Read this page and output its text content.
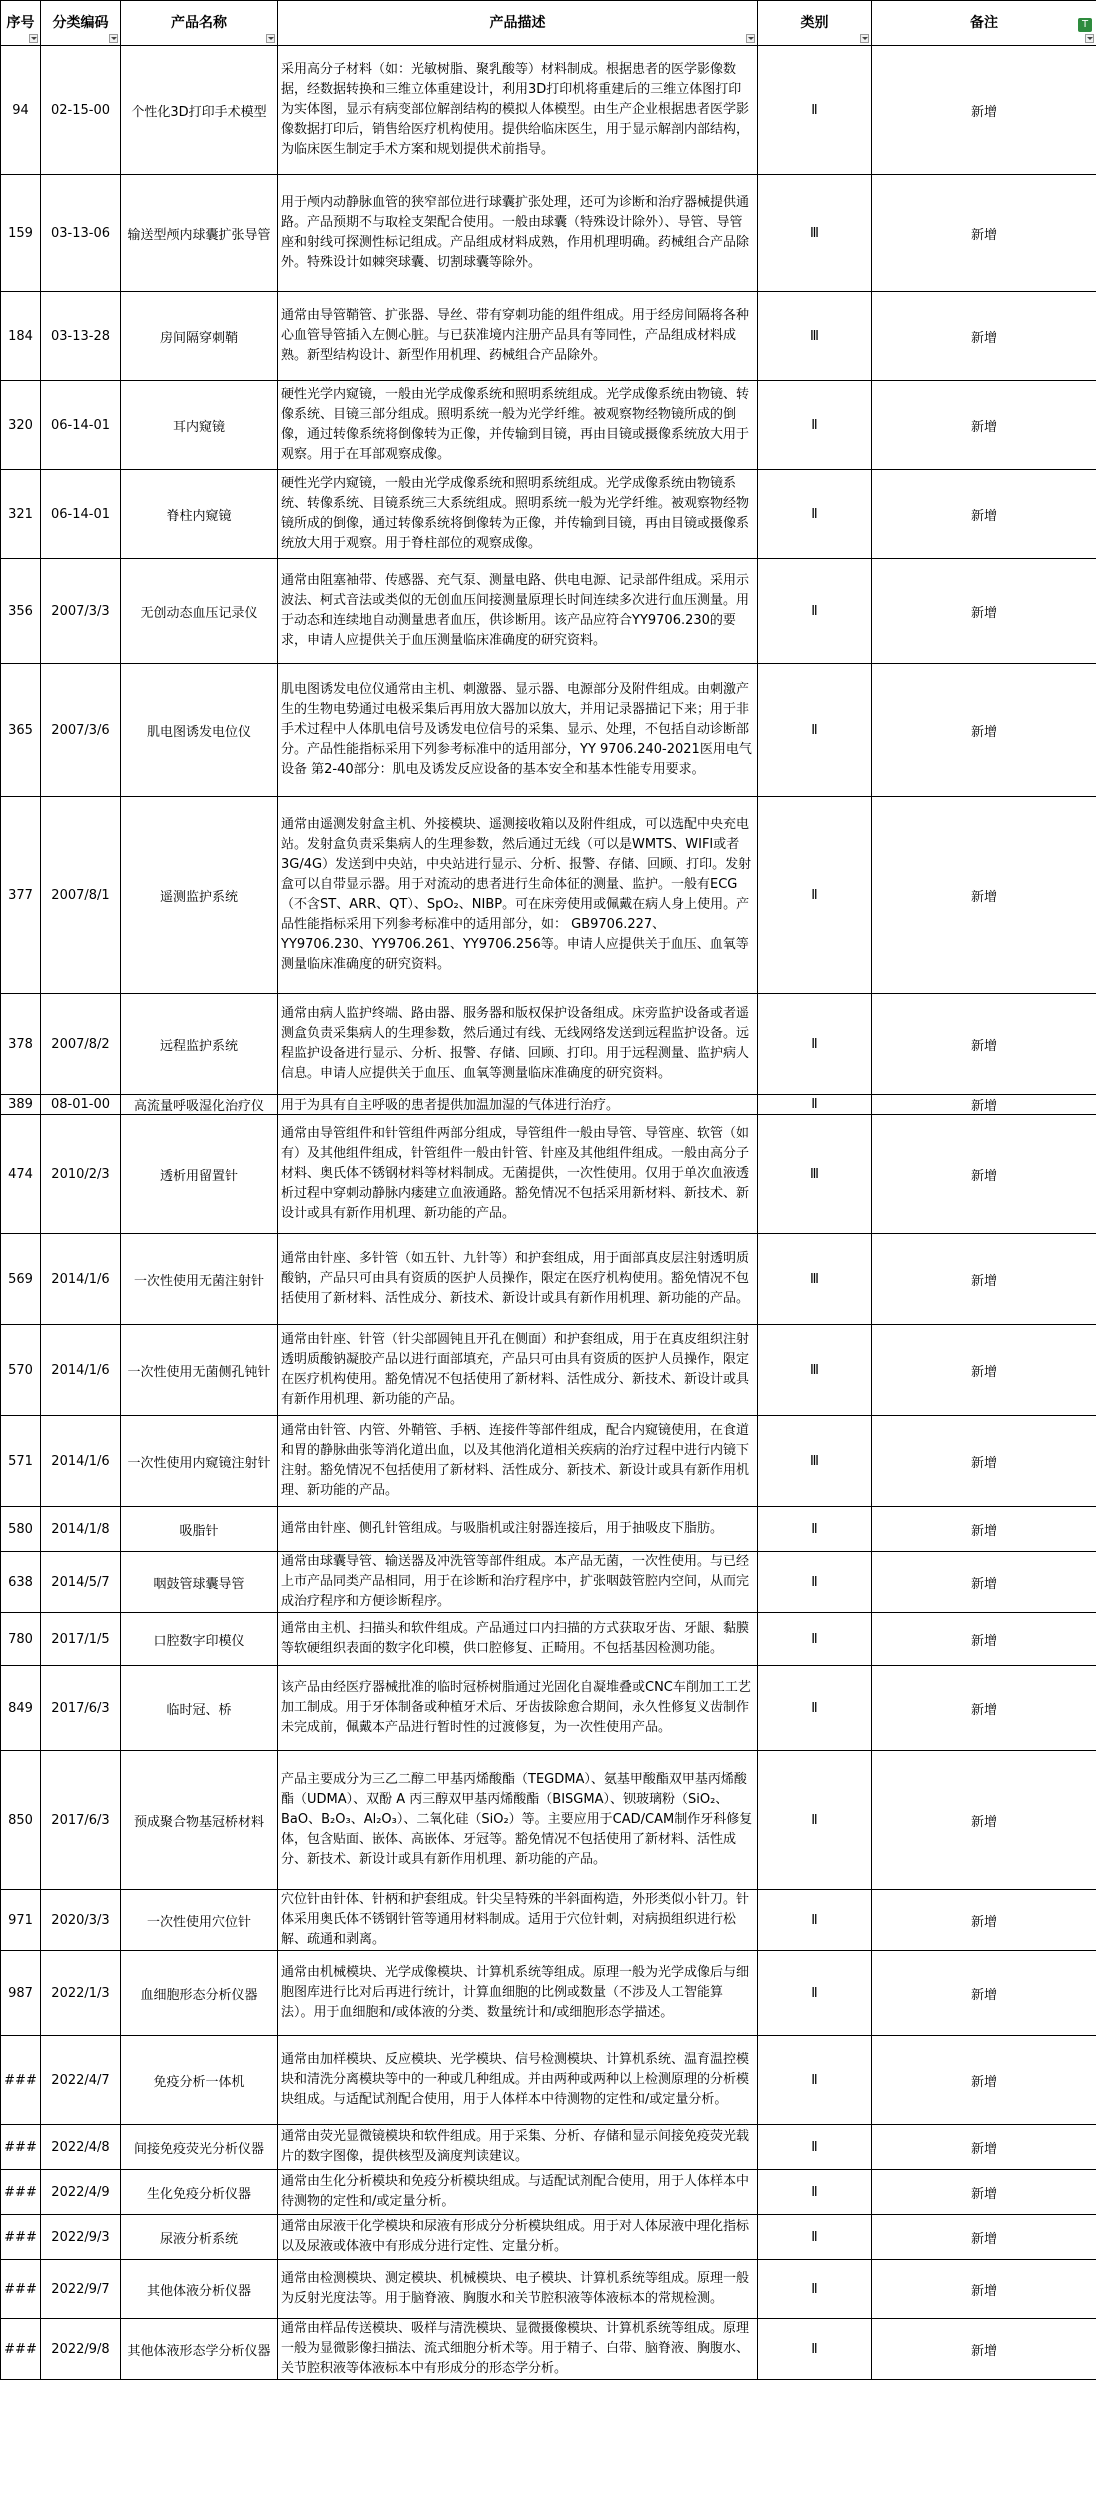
序号	分类编码	产品名称	产品描述	类别	备注

94	02-15-00	个性化3D打印手术模型	采用高分子材料（如：光敏树脂、聚乳酸等）材料制成。根据患者的医学影像数据，经数据转换和三维立体重建设计，利用3D打印机将重建后的三维立体图打印为实体图，显示有病变部位解剖结构的模拟人体模型。由生产企业根据患者医学影像数据打印后，销售给医疗机构使用。提供给临床医生，用于显示解剖内部结构，为临床医生制定手术方案和规划提供术前指导。	Ⅱ	新增
159	03-13-06	输送型颅内球囊扩张导管	用于颅内动静脉血管的狭窄部位进行球囊扩张处理，还可为诊断和治疗器械提供通路。产品预期不与取栓支架配合使用。一般由球囊（特殊设计除外）、导管、导管座和射线可探测性标记组成。产品组成材料成熟，作用机理明确。药械组合产品除外。特殊设计如棘突球囊、切割球囊等除外。	Ⅲ	新增
184	03-13-28	房间隔穿刺鞘	通常由导管鞘管、扩张器、导丝、带有穿刺功能的组件组成。用于经房间隔将各种心血管导管插入左侧心脏。与已获准境内注册产品具有等同性，产品组成材料成熟。新型结构设计、新型作用机理、药械组合产品除外。	Ⅲ	新增
320	06-14-01	耳内窥镜	硬性光学内窥镜，一般由光学成像系统和照明系统组成。光学成像系统由物镜、转像系统、目镜三部分组成。照明系统一般为光学纤维。被观察物经物镜所成的倒像，通过转像系统将倒像转为正像，并传输到目镜，再由目镜或摄像系统放大用于观察。用于在耳部观察成像。	Ⅱ	新增
321	06-14-01	脊柱内窥镜	硬性光学内窥镜，一般由光学成像系统和照明系统组成。光学成像系统由物镜系统、转像系统、目镜系统三大系统组成。照明系统一般为光学纤维。被观察物经物镜所成的倒像，通过转像系统将倒像转为正像，并传输到目镜，再由目镜或摄像系统放大用于观察。用于脊柱部位的观察成像。	Ⅱ	新增
356	2007/3/3	无创动态血压记录仪	通常由阻塞袖带、传感器、充气泵、测量电路、供电电源、记录部件组成。采用示波法、柯式音法或类似的无创血压间接测量原理长时间连续多次进行血压测量。用于动态和连续地自动测量患者血压，供诊断用。该产品应符合YY9706.230的要求，申请人应提供关于血压测量临床准确度的研究资料。	Ⅱ	新增
365	2007/3/6	肌电图诱发电位仪	肌电图诱发电位仪通常由主机、刺激器、显示器、电源部分及附件组成。由刺激产生的生物电势通过电极采集后再用放大器加以放大，并用记录器描记下来；用于非手术过程中人体肌电信号及诱发电位信号的采集、显示、处理，不包括自动诊断部分。产品性能指标采用下列参考标准中的适用部分，YY 9706.240-2021医用电气设备 第2-40部分：肌电及诱发反应设备的基本安全和基本性能专用要求。	Ⅱ	新增
377	2007/8/1	遥测监护系统	通常由遥测发射盒主机、外接模块、遥测接收箱以及附件组成，可以选配中央充电站。发射盒负责采集病人的生理参数，然后通过无线（可以是WMTS、WIFI或者3G/4G）发送到中央站，中央站进行显示、分析、报警、存储、回顾、打印。发射盒可以自带显示器。用于对流动的患者进行生命体征的测量、监护。一般有ECG（不含ST、ARR、QT）、SpO₂、NIBP。可在床旁使用或佩戴在病人身上使用。产品性能指标采用下列参考标准中的适用部分，如： GB9706.227、YY9706.230、YY9706.261、YY9706.256等。申请人应提供关于血压、血氧等测量临床准确度的研究资料。	Ⅱ	新增
378	2007/8/2	远程监护系统	通常由病人监护终端、路由器、服务器和版权保护设备组成。床旁监护设备或者遥测盒负责采集病人的生理参数，然后通过有线、无线网络发送到远程监护设备。远程监护设备进行显示、分析、报警、存储、回顾、打印。用于远程测量、监护病人信息。申请人应提供关于血压、血氧等测量临床准确度的研究资料。	Ⅱ	新增
389	08-01-00	高流量呼吸湿化治疗仪	用于为具有自主呼吸的患者提供加温加湿的气体进行治疗。	Ⅱ	新增
474	2010/2/3	透析用留置针	通常由导管组件和针管组件两部分组成，导管组件一般由导管、导管座、软管（如有）及其他组件组成，针管组件一般由针管、针座及其他组件组成。一般由高分子材料、奥氏体不锈钢材料等材料制成。无菌提供，一次性使用。仅用于单次血液透析过程中穿刺动静脉内瘘建立血液通路。豁免情况不包括采用新材料、新技术、新设计或具有新作用机理、新功能的产品。	Ⅲ	新增
569	2014/1/6	一次性使用无菌注射针	通常由针座、多针管（如五针、九针等）和护套组成，用于面部真皮层注射透明质酸钠，产品只可由具有资质的医护人员操作，限定在医疗机构使用。豁免情况不包括使用了新材料、活性成分、新技术、新设计或具有新作用机理、新功能的产品。	Ⅲ	新增
570	2014/1/6	一次性使用无菌侧孔钝针	通常由针座、针管（针尖部圆钝且开孔在侧面）和护套组成，用于在真皮组织注射透明质酸钠凝胶产品以进行面部填充，产品只可由具有资质的医护人员操作，限定在医疗机构使用。豁免情况不包括使用了新材料、活性成分、新技术、新设计或具有新作用机理、新功能的产品。	Ⅲ	新增
571	2014/1/6	一次性使用内窥镜注射针	通常由针管、内管、外鞘管、手柄、连接件等部件组成，配合内窥镜使用，在食道和胃的静脉曲张等消化道出血，以及其他消化道相关疾病的治疗过程中进行内镜下注射。豁免情况不包括使用了新材料、活性成分、新技术、新设计或具有新作用机理、新功能的产品。	Ⅲ	新增
580	2014/1/8	吸脂针	通常由针座、侧孔针管组成。与吸脂机或注射器连接后，用于抽吸皮下脂肪。	Ⅱ	新增
638	2014/5/7	咽鼓管球囊导管	通常由球囊导管、输送器及冲洗管等部件组成。本产品无菌，一次性使用。与已经上市产品同类产品相同，用于在诊断和治疗程序中，扩张咽鼓管腔内空间，从而完成治疗程序和方便诊断程序。	Ⅱ	新增
780	2017/1/5	口腔数字印模仪	通常由主机、扫描头和软件组成。产品通过口内扫描的方式获取牙齿、牙龈、黏膜等软硬组织表面的数字化印模，供口腔修复、正畸用。不包括基因检测功能。	Ⅱ	新增
849	2017/6/3	临时冠、桥	该产品由经医疗器械批准的临时冠桥树脂通过光固化自凝堆叠或CNC车削加工工艺加工制成。用于牙体制备或种植牙术后、牙齿拔除愈合期间，永久性修复义齿制作未完成前，佩戴本产品进行暂时性的过渡修复，为一次性使用产品。	Ⅱ	新增
850	2017/6/3	预成聚合物基冠桥材料	产品主要成分为三乙二醇二甲基丙烯酸酯（TEGDMA）、氨基甲酸酯双甲基丙烯酸酯（UDMA）、双酚 A 丙三醇双甲基丙烯酸酯（BISGMA）、钡玻璃粉（SiO₂、BaO、B₂O₃、Al₂O₃）、二氧化硅（SiO₂）等。主要应用于CAD/CAM制作牙科修复体，包含贴面、嵌体、高嵌体、牙冠等。豁免情况不包括使用了新材料、活性成分、新技术、新设计或具有新作用机理、新功能的产品。	Ⅱ	新增
971	2020/3/3	一次性使用穴位针	穴位针由针体、针柄和护套组成。针尖呈特殊的半斜面构造，外形类似小针刀。针体采用奥氏体不锈钢针管等通用材料制成。适用于穴位针刺，对病损组织进行松解、疏通和剥离。	Ⅱ	新增
987	2022/1/3	血细胞形态分析仪器	通常由机械模块、光学成像模块、计算机系统等组成。原理一般为光学成像后与细胞图库进行比对后再进行统计，计算血细胞的比例或数量（不涉及人工智能算法）。用于血细胞和/或体液的分类、数量统计和/或细胞形态学描述。	Ⅱ	新增
###	2022/4/7	免疫分析一体机	通常由加样模块、反应模块、光学模块、信号检测模块、计算机系统、温育温控模块和清洗分离模块等中的一种或几种组成。并由两种或两种以上检测原理的分析模块组成。与适配试剂配合使用，用于人体样本中待测物的定性和/或定量分析。	Ⅱ	新增
###	2022/4/8	间接免疫荧光分析仪器	通常由荧光显微镜模块和软件组成。用于采集、分析、存储和显示间接免疫荧光载片的数字图像，提供核型及滴度判读建议。	Ⅱ	新增
###	2022/4/9	生化免疫分析仪器	通常由生化分析模块和免疫分析模块组成。与适配试剂配合使用，用于人体样本中待测物的定性和/或定量分析。	Ⅱ	新增
###	2022/9/3	尿液分析系统	通常由尿液干化学模块和尿液有形成分分析模块组成。用于对人体尿液中理化指标以及尿液或体液中有形成分进行定性、定量分析。	Ⅱ	新增
###	2022/9/7	其他体液分析仪器	通常由检测模块、测定模块、机械模块、电子模块、计算机系统等组成。原理一般为反射光度法等。用于脑脊液、胸腹水和关节腔积液等体液标本的常规检测。	Ⅱ	新增
###	2022/9/8	其他体液形态学分析仪器	通常由样品传送模块、吸样与清洗模块、显微摄像模块、计算机系统等组成。原理一般为显微影像扫描法、流式细胞分析术等。用于精子、白带、脑脊液、胸腹水、关节腔积液等体液标本中有形成分的形态学分析。	Ⅱ	新增
T
